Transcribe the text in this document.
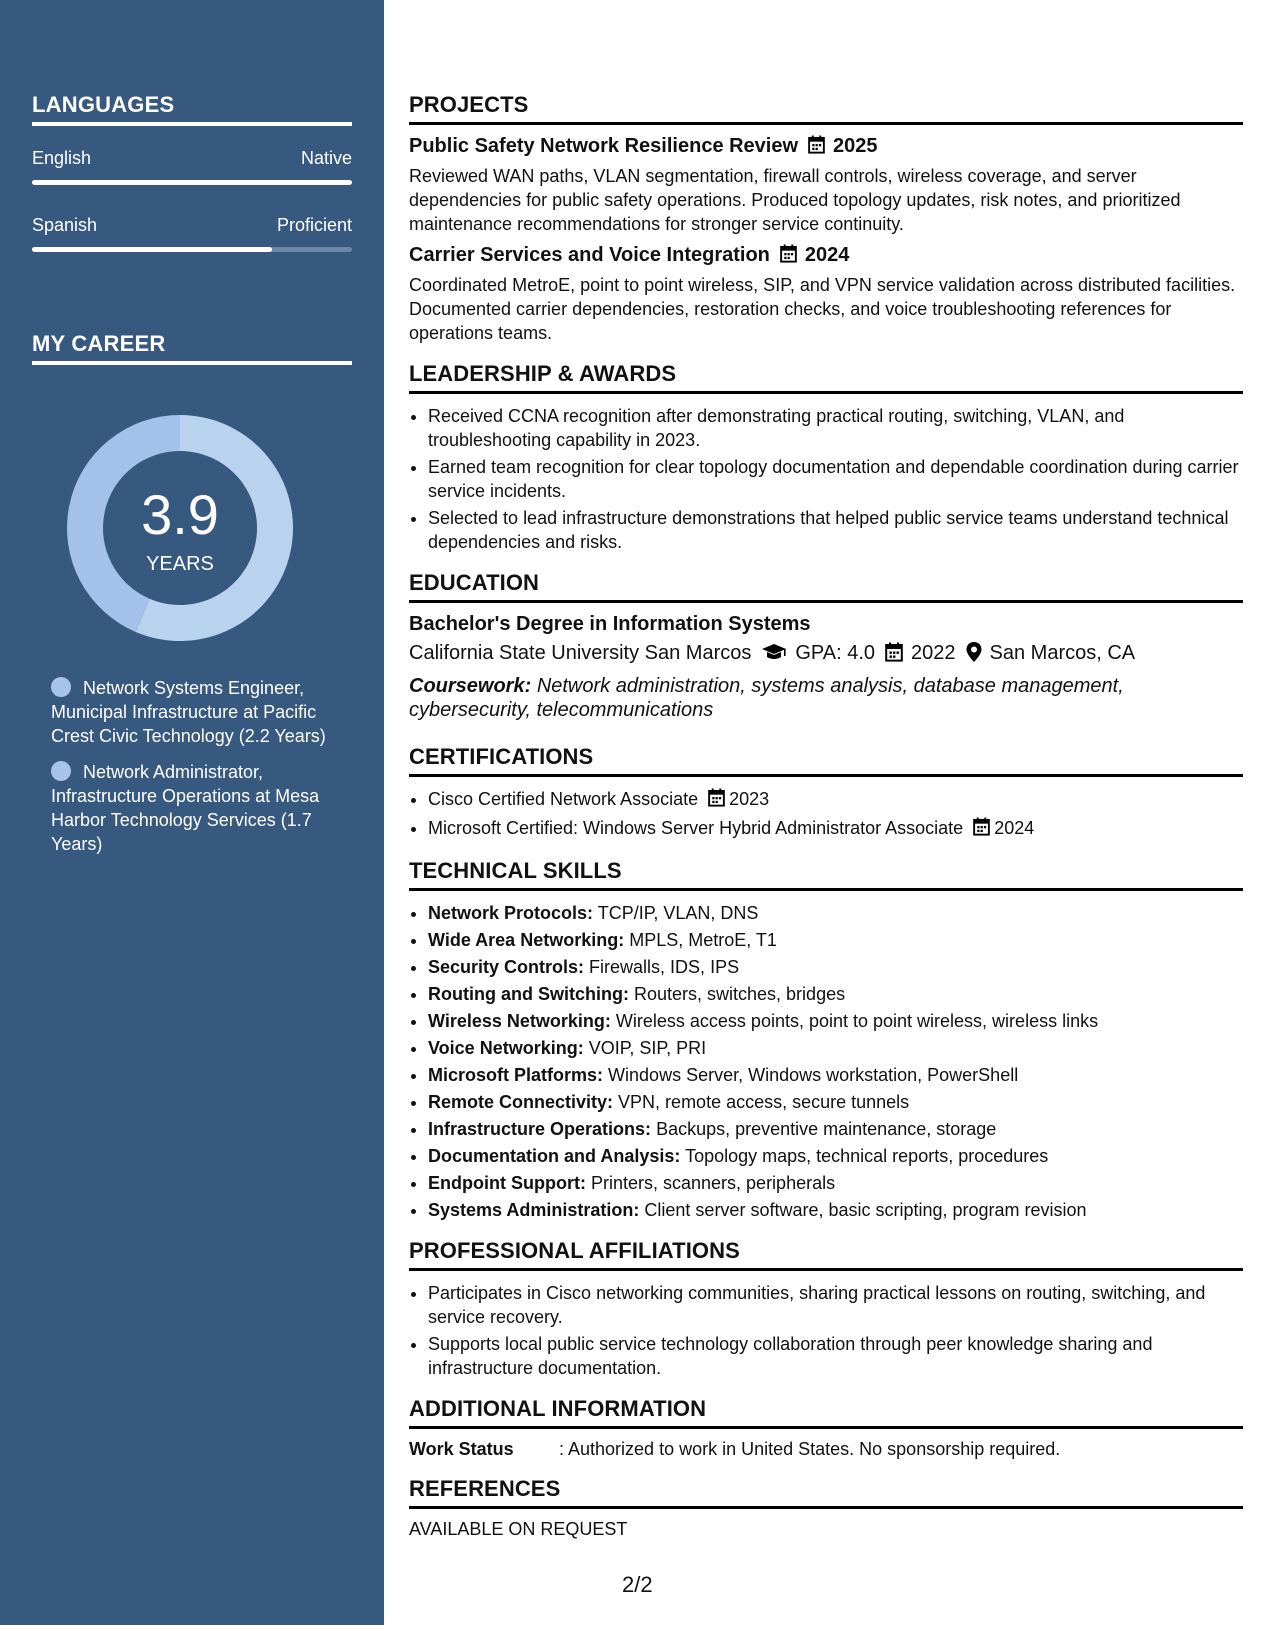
LANGUAGES
English	Native
Spanish	Proficient
MY CAREER
3.9
YEARS
Network Systems Engineer, Municipal Infrastructure at Pacific Crest Civic Technology (2.2 Years)
Network Administrator, Infrastructure Operations at Mesa Harbor Technology Services (1.7 Years)
PROJECTS
Public Safety Network Resilience Review 2025
Reviewed WAN paths, VLAN segmentation, firewall controls, wireless coverage, and server dependencies for public safety operations. Produced topology updates, risk notes, and prioritized maintenance recommendations for stronger service continuity.
Carrier Services and Voice Integration 2024
Coordinated MetroE, point to point wireless, SIP, and VPN service validation across distributed facilities. Documented carrier dependencies, restoration checks, and voice troubleshooting references for operations teams.
LEADERSHIP & AWARDS
• Received CCNA recognition after demonstrating practical routing, switching, VLAN, and troubleshooting capability in 2023.
• Earned team recognition for clear topology documentation and dependable coordination during carrier service incidents.
• Selected to lead infrastructure demonstrations that helped public service teams understand technical dependencies and risks.
EDUCATION
Bachelor's Degree in Information Systems
California State University San Marcos GPA: 4.0 2022 San Marcos, CA
Coursework: Network administration, systems analysis, database management, cybersecurity, telecommunications
CERTIFICATIONS
• Cisco Certified Network Associate 2023
• Microsoft Certified: Windows Server Hybrid Administrator Associate 2024
TECHNICAL SKILLS
• Network Protocols: TCP/IP, VLAN, DNS
• Wide Area Networking: MPLS, MetroE, T1
• Security Controls: Firewalls, IDS, IPS
• Routing and Switching: Routers, switches, bridges
• Wireless Networking: Wireless access points, point to point wireless, wireless links
• Voice Networking: VOIP, SIP, PRI
• Microsoft Platforms: Windows Server, Windows workstation, PowerShell
• Remote Connectivity: VPN, remote access, secure tunnels
• Infrastructure Operations: Backups, preventive maintenance, storage
• Documentation and Analysis: Topology maps, technical reports, procedures
• Endpoint Support: Printers, scanners, peripherals
• Systems Administration: Client server software, basic scripting, program revision
PROFESSIONAL AFFILIATIONS
• Participates in Cisco networking communities, sharing practical lessons on routing, switching, and service recovery.
• Supports local public service technology collaboration through peer knowledge sharing and infrastructure documentation.
ADDITIONAL INFORMATION
Work Status	: Authorized to work in United States. No sponsorship required.
REFERENCES
AVAILABLE ON REQUEST
2/2
